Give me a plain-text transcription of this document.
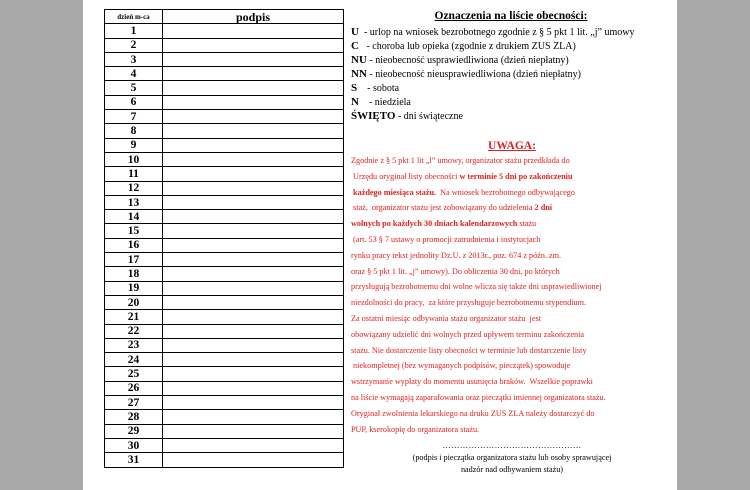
dzień m-ca	podpis
1	
2	
3	
4	
5	
6	
7	
8	
9	
10	
11	
12	
13	
14	
15	
16	
17	
18	
19	
20	
21	
22	
23	
24	
25	
26	
27	
28	
29	
30	
31	
Oznaczenia na liście obecności:
U  - urlop na wniosek bezrobotnego zgodnie z § 5 pkt 1 lit. „j” umowy
C   - choroba lub opieka (zgodnie z drukiem ZUS ZLA)
NU - nieobecność usprawiedliwiona (dzień niepłatny)
NN - nieobecność nieusprawiedliwiona (dzień niepłatny)
S    - sobota
N    - niedziela
ŚWIĘTO - dni świąteczne
UWAGA:
Zgodnie z § 5 pkt 1 lit „l” umowy, organizator stażu przedkłada do
Urzędu oryginał listy obecności w terminie 5 dni po zakończeniu
każdego miesiąca stażu.  Na wniosek bezrobotnego odbywającego
staż,  organizator stażu jest zobowiązany do udzielenia 2 dni
wolnych po każdych 30 dniach kalendarzowych stażu
(art. 53 § 7 ustawy o promocji zatrudnienia i instytucjach
rynku pracy tekst jednolity Dz.U. z 2013r., poz. 674 z późn. zm.
oraz § 5 pkt 1 lit. „j” umowy). Do obliczenia 30 dni, po których
przysługują bezrobotnemu dni wolne wlicza się także dni usprawiedliwionej
niezdolności do pracy,  za które przysługuje bezrobotnemu stypendium.
Za ostatni miesiąc odbywania stażu organizator stażu  jest
obowiązany udzielić dni wolnych przed upływem terminu zakończenia
stażu. Nie dostarczenie listy obecności w terminie lub dostarczenie listy
niekompletnej (bez wymaganych podpisów, pieczątek) spowoduje
wstrzymanie wypłaty do momentu usunięcia braków.  Wszelkie poprawki
na liście wymagają zaparafowania oraz pieczątki imiennej organizatora stażu.
Oryginał zwolnienia lekarskiego na druku ZUS ZLA należy dostarczyć do
PUP, kserokopię do organizatora stażu.
…………………………………………
(podpis i pieczątka organizatora stażu lub osoby sprawującej
nadzór nad odbywaniem stażu)
